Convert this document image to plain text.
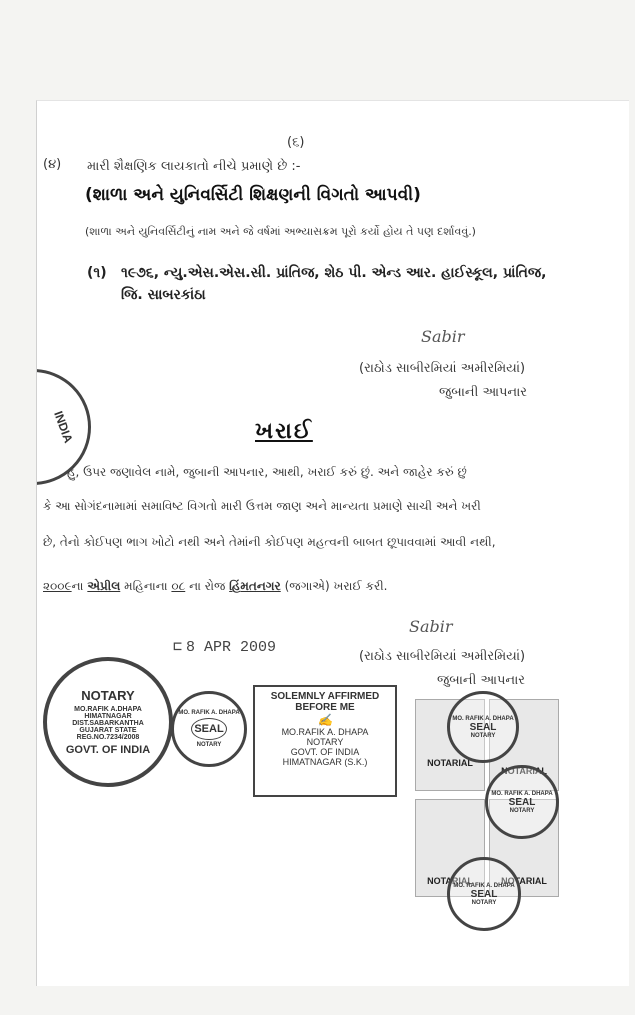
(૬)
(૪) મારી શૈક્ષણિક લાયકાતો નીચે પ્રમાણે છે :-
(શાળા અને યુનિવર્સિટી શિક્ષણની વિગતો આપવી)
(શાળા અને યુનિવર્સિટીનું નામ અને જે વર્ષમાં અભ્યાસક્રમ પૂરો કર્યો હોય તે પણ દર્શાવવું.)
(૧) ૧૯૭૬, ન્યુ.એસ.એસ.સી. પ્રાંતિજ, શેઠ પી. એન્ડ આર. હાઈસ્કૂલ, પ્રાંતિજ,
જિ. સાબરકાંઠા
Sabir
(રાઠોડ સાબીરમિયાં અમીરમિયાં)
જુબાની આપનાર
INDIA	ખરાઈ
હું, ઉપર જણાવેલ નામે, જુબાની આપનાર, આથી, ખરાઈ કરું છું. અને જાહેર કરું છું
કે આ સોગંદનામામાં સમાવિષ્ટ વિગતો મારી ઉત્તમ જાણ અને માન્યતા પ્રમાણે સાચી અને ખરી
છે, તેનો કોઈપણ ભાગ ખોટો નથી અને તેમાંની કોઈપણ મહત્વની બાબત છૂપાવવામાં આવી નથી,
૨૦૦૯ના એપ્રીલ મહિનાના ૦૮ ના રોજ હિંમતનગર (જગાએ) ખરાઈ કરી.
⊏ 8 APR 2009
Sabir
(રાઠોડ સાબીરમિયાં અમીરમિયાં)
જુબાની આપનાર
NOTARY
MO.RAFIK A.DHAPA
HIMATNAGAR
DIST.SABARKANTHA
GUJARAT STATE
REG.NO.7234/2008
GOVT. OF INDIA
MO. RAFIK A. DHAPA
SEAL
NOTARY
SOLEMNLY AFFIRMED
BEFORE ME
✍
MO.RAFIK A. DHAPA
NOTARY
GOVT. OF INDIA
HIMATNAGAR (S.K.)	NOTARIAL
NOTARIAL
NOTARIAL	NOTARIAL
MO. RAFIK A. DHAPA
SEAL
NOTARY
MO. RAFIK A. DHAPA
SEAL
NOTARY
MO. RAFIK A. DHAPA
SEAL
NOTARY
